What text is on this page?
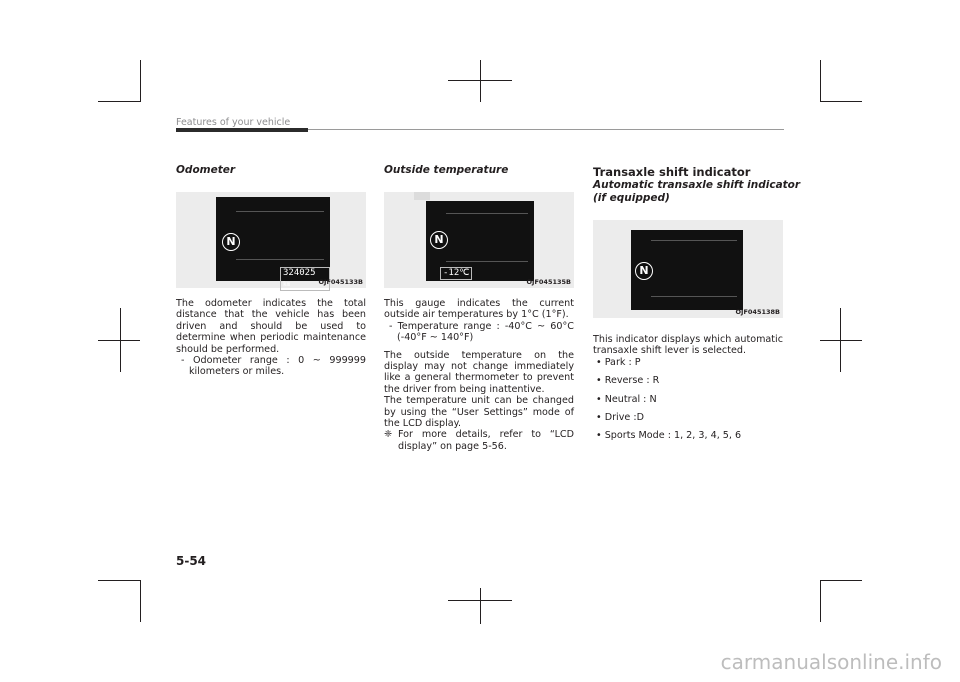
Features of your vehicle
Odometer
N
324025 km	OJF045133B

The odometer indicates the total distance that the vehicle has been driven and should be used to determine when periodic maintenance should be performed.

- Odometer range : 0 ~ 999999 kilometers or miles.

Outside temperature
N
-12℃
OJF045135B

This gauge indicates the current outside air temperatures by 1°C (1°F).

- Temperature range : -40°C ~ 60°C (-40°F ~ 140°F)

The outside temperature on the display may not change immediately like a general thermometer to prevent the driver from being inattentive.

The temperature unit can be changed by using the “User Settings” mode of the LCD display.

❈ For more details, refer to “LCD display” on page 5-56.

Transaxle shift indicator
Automatic transaxle shift indicator
(if equipped)
N
OJF045138B

This indicator displays which automatic transaxle shift lever is selected.

• Park : P

• Reverse : R

• Neutral : N

• Drive :D

• Sports Mode : 1, 2, 3, 4, 5, 6

5-54
carmanualsonline.info
